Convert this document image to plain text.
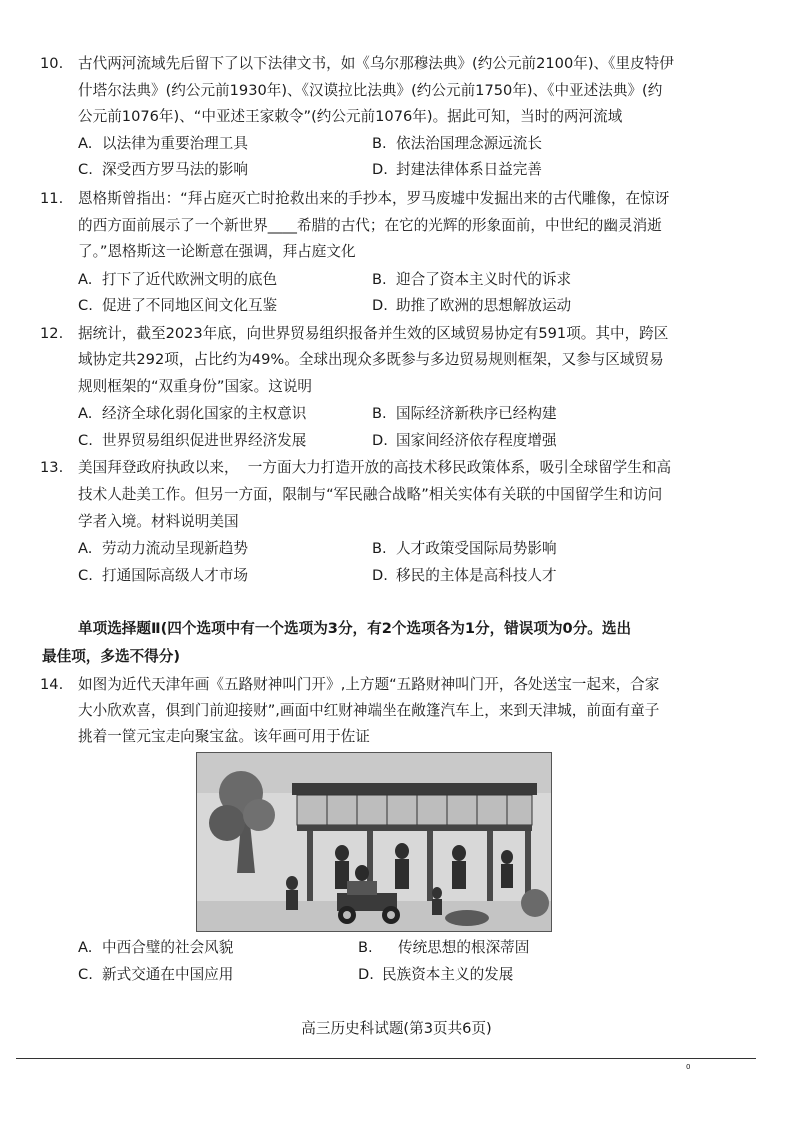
10.	古代两河流域先后留下了以下法律文书，如《乌尔那穆法典》(约公元前2100年)、《里皮特伊
什塔尔法典》(约公元前1930年)、《汉谟拉比法典》(约公元前1750年)、《中亚述法典》(约
公元前1076年)、“中亚述王家敕令”(约公元前1076年)。据此可知，当时的两河流域
A. 以法律为重要治理工具	B. 依法治国理念源远流长
C. 深受西方罗马法的影响	D. 封建法律体系日益完善
11.	恩格斯曾指出：“拜占庭灭亡时抢救出来的手抄本，罗马废墟中发掘出来的古代雕像，在惊讶
的西方面前展示了一个新世界____希腊的古代；在它的光辉的形象面前，中世纪的幽灵消逝
了。”恩格斯这一论断意在强调，拜占庭文化
A. 打下了近代欧洲文明的底色	B. 迎合了资本主义时代的诉求
C. 促进了不同地区间文化互鉴	D. 助推了欧洲的思想解放运动
12.	据统计，截至2023年底，向世界贸易组织报备并生效的区域贸易协定有591项。其中，跨区
域协定共292项，占比约为49%。全球出现众多既参与多边贸易规则框架，又参与区域贸易
规则框架的“双重身份”国家。这说明
A. 经济全球化弱化国家的主权意识	B. 国际经济新秩序已经构建
C. 世界贸易组织促进世界经济发展	D. 国家间经济依存程度增强
13.	美国拜登政府执政以来，  一方面大力打造开放的高技术移民政策体系，吸引全球留学生和高
技术人赴美工作。但另一方面，限制与“军民融合战略”相关实体有关联的中国留学生和访问
学者入境。材料说明美国
A. 劳动力流动呈现新趋势	B. 人才政策受国际局势影响
C. 打通国际高级人才市场	D. 移民的主体是高科技人才
单项选择题Ⅱ(四个选项中有一个选项为3分，有2个选项各为1分，错误项为0分。选出
最佳项，多选不得分)
14.	如图为近代天津年画《五路财神叫门开》,上方题“五路财神叫门开，各处送宝一起来，合家
大小欣欢喜，俱到门前迎接财”,画面中红财神端坐在敞篷汽车上，来到天津城，前面有童子
挑着一筐元宝走向聚宝盆。该年画可用于佐证
A. 中西合璧的社会风貌	B. 传统思想的根深蒂固
C. 新式交通在中国应用	D. 民族资本主义的发展
高三历史科试题(第3页共6页)
0
